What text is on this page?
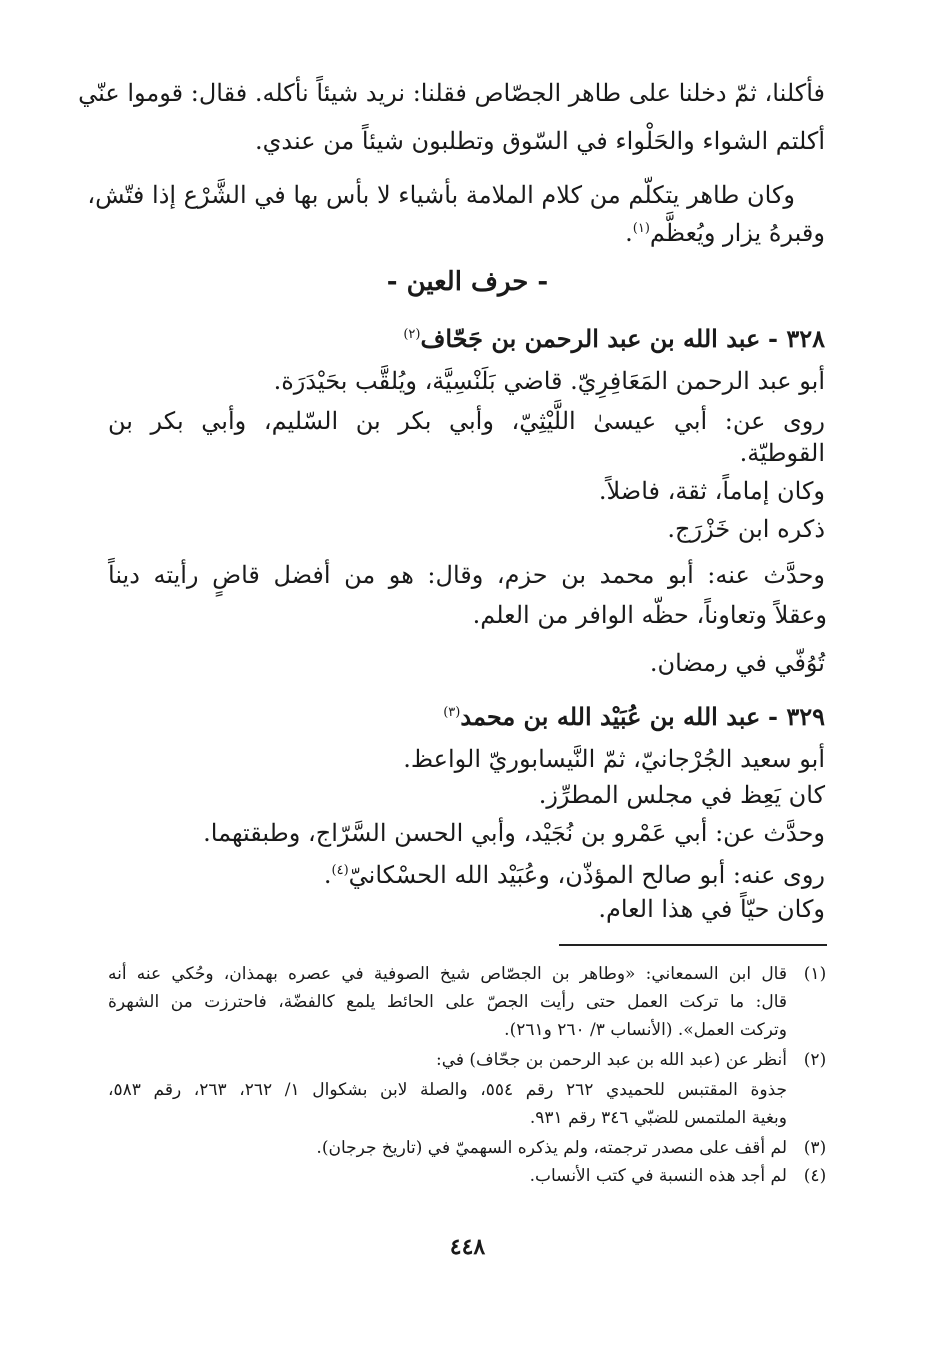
فأكلنا، ثمّ دخلنا على طاهر الجصّاص فقلنا: نريد شيئاً نأكله. فقال: قوموا عنّي
أكلتم الشواء والحَلْواء في السّوق وتطلبون شيئاً من عندي.
وكان طاهر يتكلّم من كلام الملامة بأشياء لا بأس بها في الشَّرْع إذا فتّش،
وقبرهُ يزار ويُعظَّم$^{(١)}$.
- حرف العين -
٣٢٨ - عبد الله بن عبد الرحمن بن جَحّاف$^{(٢)}$
أبو عبد الرحمن المَعَافِرِيّ. قاضي بَلَنْسِيَّة، ويُلقَّب بحَيْدَرَة.
روى عن: أبي عيسىٰ اللَّيْثِيّ، وأبي بكر بن السّليم، وأبي بكر بن
القوطيّة.
وكان إماماً، ثقة، فاضلاً.
ذكره ابن خَزْرَج.
وحدَّث عنه: أبو محمد بن حزم، وقال: هو من أفضل قاضٍ رأيته ديناً
وعقلاً وتعاوناً، حظّه الوافر من العلم.
تُوُفّي في رمضان.
٣٢٩ - عبد الله بن عُبَيْد الله بن محمد$^{(٣)}$
أبو سعيد الجُرْجانيّ، ثمّ النَّيسابوريّ الواعظ.
كان يَعِظ في مجلس المطرِّز.
وحدَّث عن: أبي عَمْرو بن نُجَيْد، وأبي الحسن السَّرّاج، وطبقتهما.
روى عنه: أبو صالح المؤذّن، وعُبَيْد الله الحسْكانيّ$^{(٤)}$.
وكان حيّاً في هذا العام.
(١)
قال ابن السمعاني: «وطاهر بن الجصّاص شيخ الصوفية في عصره بهمذان، وحُكي عنه أنه
قال: ما تركت العمل حتى رأيت الجصّ على الحائط يلمع كالفضّة، فاحترزت من الشهرة
وتركت العمل». (الأنساب ٣/ ٢٦٠ و٢٦١).
(٢)
أنظر عن (عبد الله بن عبد الرحمن بن جحّاف) في:
جذوة المقتبس للحميدي ٢٦٢ رقم ٥٥٤، والصلة لابن بشكوال ١/ ٢٦٢، ٢٦٣، رقم ٥٨٣،
وبغية الملتمس للضبّي ٣٤٦ رقم ٩٣١.
(٣)
لم أقف على مصدر ترجمته، ولم يذكره السهميّ في (تاريخ جرجان).
(٤)
لم أجد هذه النسبة في كتب الأنساب.
٤٤٨
